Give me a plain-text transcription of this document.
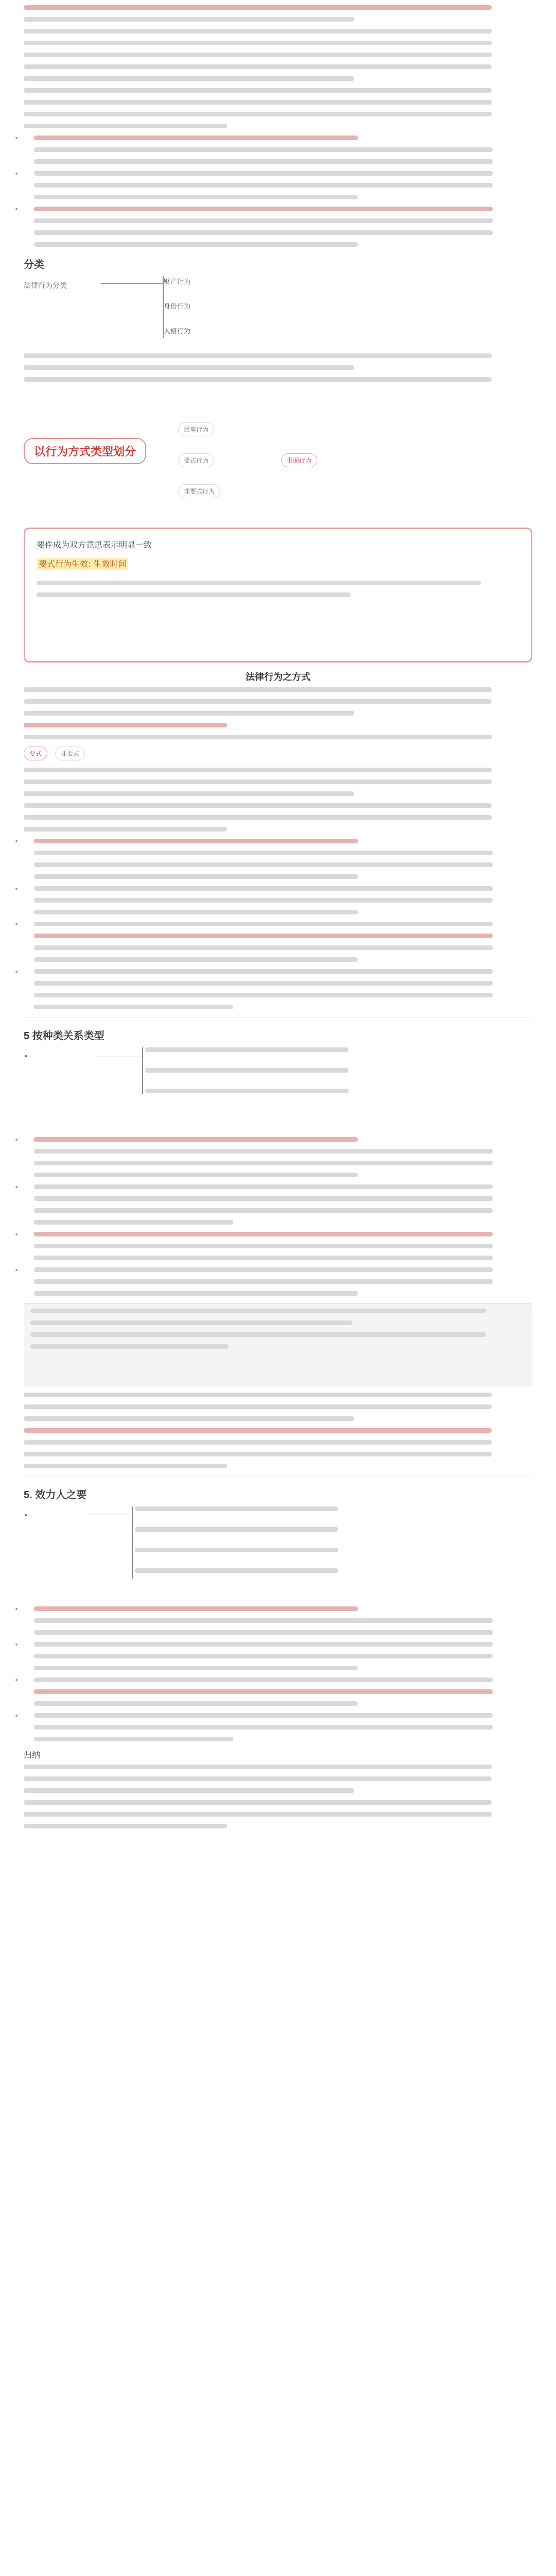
•
•
•
分类
法律行为分类	财产行为
身份行为
人格行为
以行为方式类型划分
民事行为
要式行为
非要式行为
书面行为
要件成为双方意思表示明显一致
要式行为生效: 生效时间
法律行为之方式
要式	非要式
•
•
•
•
5 按种类关系类型
•
•
•
•
•
5. 效力人之要
•
•
•
•
•
归纳
